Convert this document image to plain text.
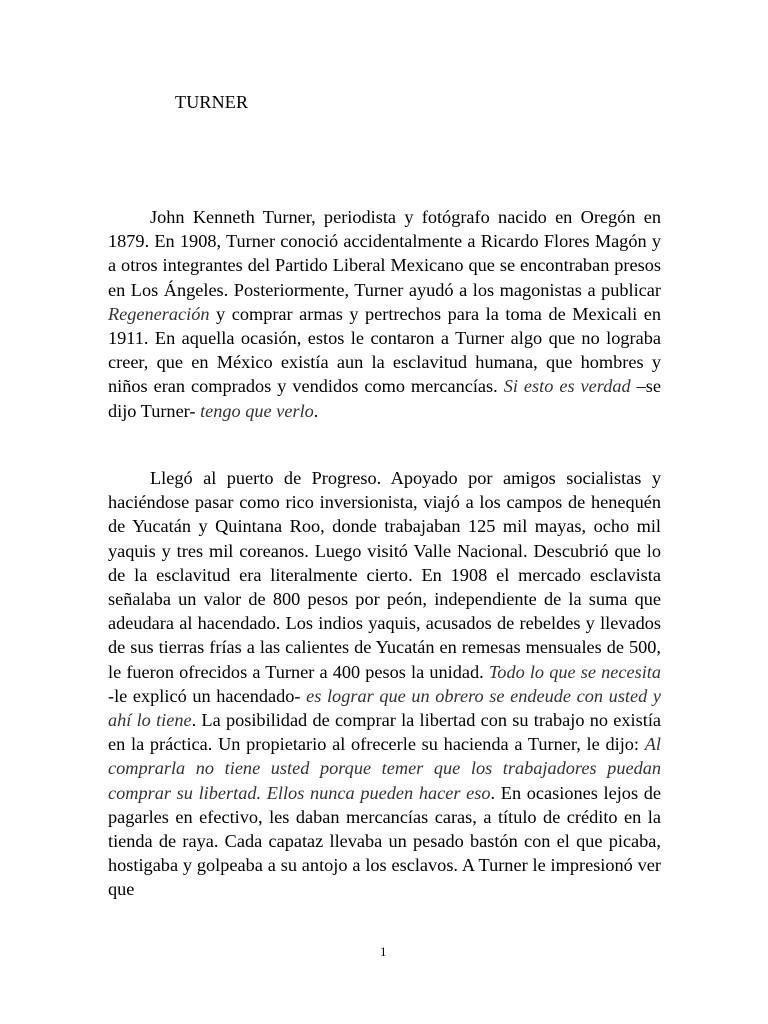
TURNER

John Kenneth Turner, periodista y fotógrafo nacido en Oregón en 1879. En 1908, Turner conoció accidentalmente a Ricardo Flores Magón y a otros integrantes del Partido Liberal Mexicano que se encontraban presos en Los Ángeles. Posteriormente, Turner ayudó a los magonistas a publicar Regeneración y comprar armas y pertrechos para la toma de Mexicali en 1911. En aquella ocasión, estos le contaron a Turner algo que no lograba creer, que en México existía aun la esclavitud humana, que hombres y niños eran comprados y vendidos como mercancías. Si esto es verdad –se dijo Turner- tengo que verlo.

Llegó al puerto de Progreso. Apoyado por amigos socialistas y haciéndose pasar como rico inversionista, viajó a los campos de henequén de Yucatán y Quintana Roo, donde trabajaban 125 mil mayas, ocho mil yaquis y tres mil coreanos. Luego visitó Valle Nacional. Descubrió que lo de la esclavitud era literalmente cierto. En 1908 el mercado esclavista señalaba un valor de 800 pesos por peón, independiente de la suma que adeudara al hacendado. Los indios yaquis, acusados de rebeldes y llevados de sus tierras frías a las calientes de Yucatán en remesas mensuales de 500, le fueron ofrecidos a Turner a 400 pesos la unidad. Todo lo que se necesita -le explicó un hacendado- es lograr que un obrero se endeude con usted y ahí lo tiene. La posibilidad de comprar la libertad con su trabajo no existía en la práctica. Un propietario al ofrecerle su hacienda a Turner, le dijo: Al comprarla no tiene usted porque temer que los trabajadores puedan comprar su libertad. Ellos nunca pueden hacer eso. En ocasiones lejos de pagarles en efectivo, les daban mercancías caras, a título de crédito en la tienda de raya. Cada capataz llevaba un pesado bastón con el que picaba, hostigaba y golpeaba a su antojo a los esclavos. A Turner le impresionó ver que

1
